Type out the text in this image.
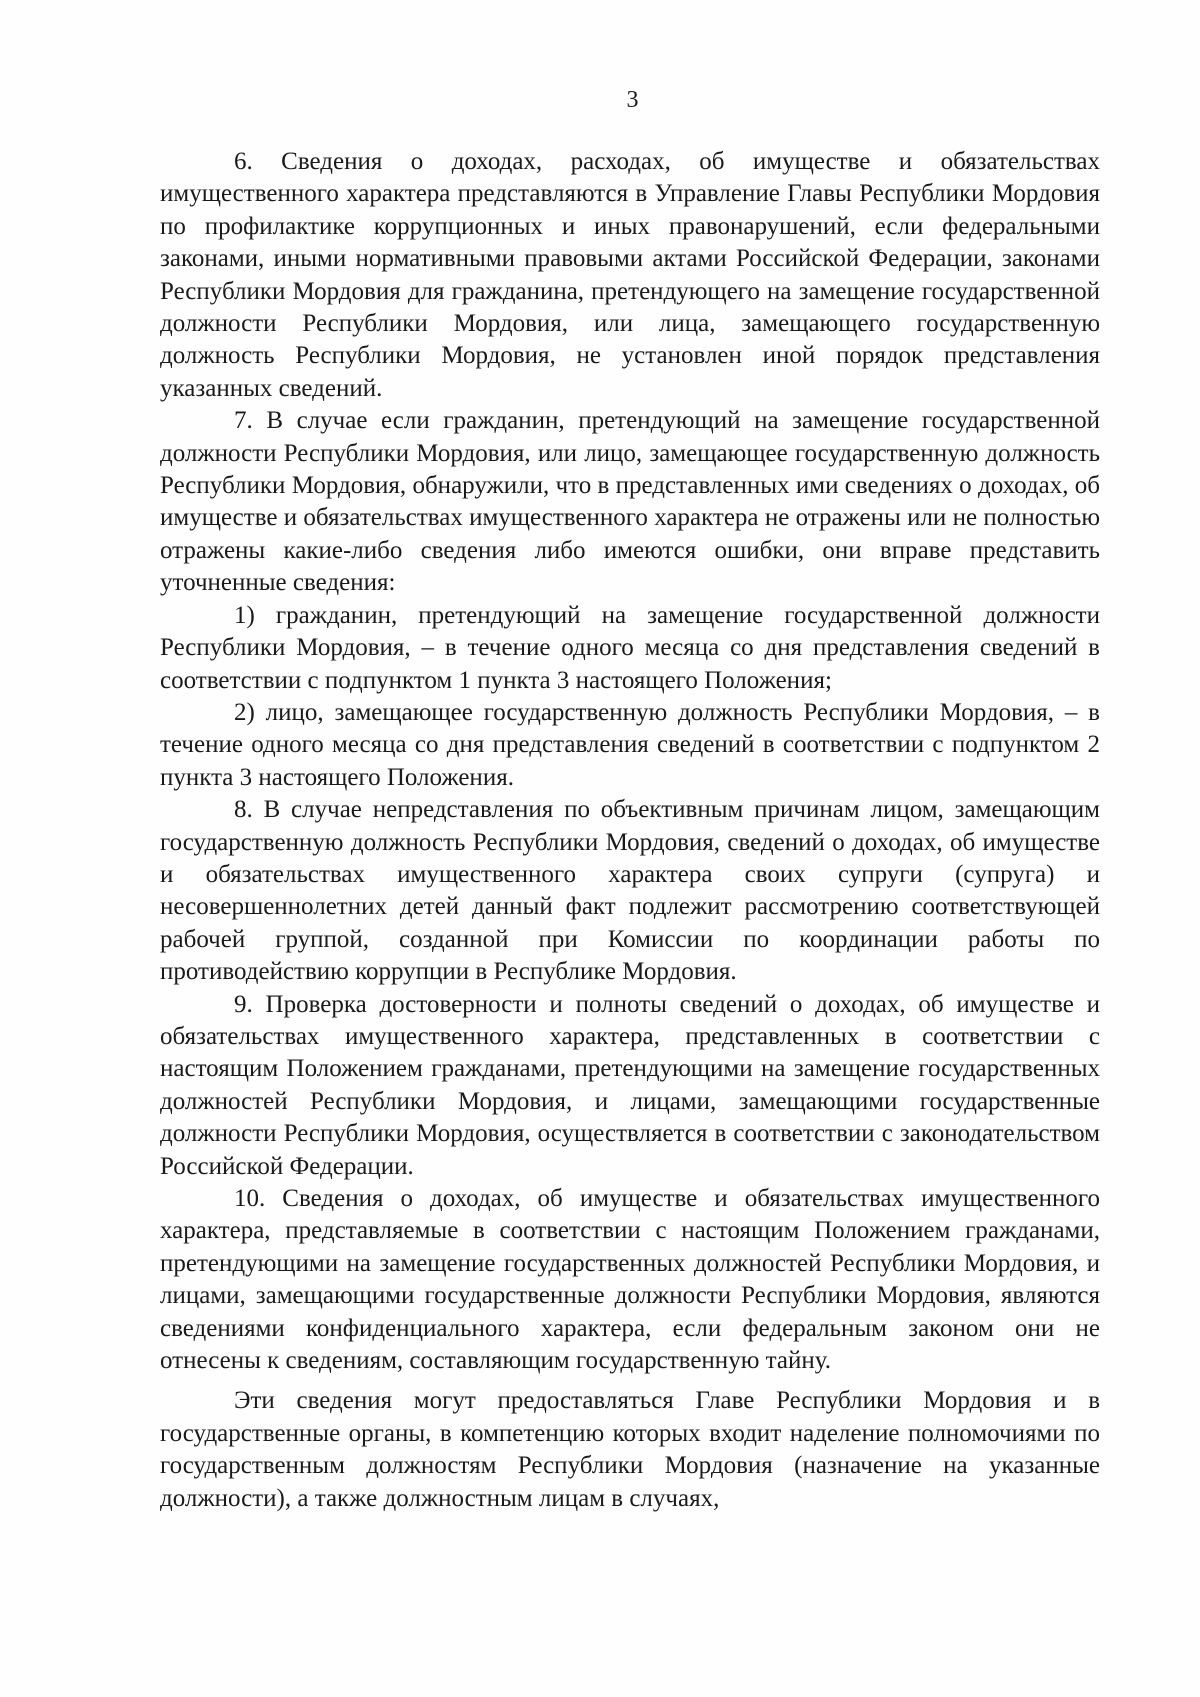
3

6. Сведения о доходах, расходах, об имуществе и обязательствах имущественного характера представляются в Управление Главы Республики Мордовия по профилактике коррупционных и иных правонарушений, если федеральными законами, иными нормативными правовыми актами Российской Федерации, законами Республики Мордовия для гражданина, претендующего на замещение государственной должности Республики Мордовия, или лица, замещающего государственную должность Республики Мордовия, не установлен иной порядок представления указанных сведений.

7. В случае если гражданин, претендующий на замещение государственной должности Республики Мордовия, или лицо, замещающее государственную должность Республики Мордовия, обнаружили, что в представленных ими сведениях о доходах, об имуществе и обязательствах имущественного характера не отражены или не полностью отражены какие-либо сведения либо имеются ошибки, они вправе представить уточненные сведения:

1) гражданин, претендующий на замещение государственной должности Республики Мордовия, – в течение одного месяца со дня представления сведений в соответствии с подпунктом 1 пункта 3 настоящего Положения;

2) лицо, замещающее государственную должность Республики Мордовия, – в течение одного месяца со дня представления сведений в соответствии с подпунктом 2 пункта 3 настоящего Положения.

8. В случае непредставления по объективным причинам лицом, замещающим государственную должность Республики Мордовия, сведений о доходах, об имуществе и обязательствах имущественного характера своих супруги (супруга) и несовершеннолетних детей данный факт подлежит рассмотрению соответствующей рабочей группой, созданной при Комиссии по координации работы по противодействию коррупции в Республике Мордовия.

9. Проверка достоверности и полноты сведений о доходах, об имуществе и обязательствах имущественного характера, представленных в соответствии с настоящим Положением гражданами, претендующими на замещение государственных должностей Республики Мордовия, и лицами, замещающими государственные должности Республики Мордовия, осуществляется в соответствии с законодательством Российской Федерации.

10. Сведения о доходах, об имуществе и обязательствах имущественного характера, представляемые в соответствии с настоящим Положением гражданами, претендующими на замещение государственных должностей Республики Мордовия, и лицами, замещающими государственные должности Республики Мордовия, являются сведениями конфиденциального характера, если федеральным законом они не отнесены к сведениям, составляющим государственную тайну.

Эти сведения могут предоставляться Главе Республики Мордовия и в государственные органы, в компетенцию которых входит наделение полномочиями по государственным должностям Республики Мордовия (назначение на указанные должности), а также должностным лицам в случаях,
